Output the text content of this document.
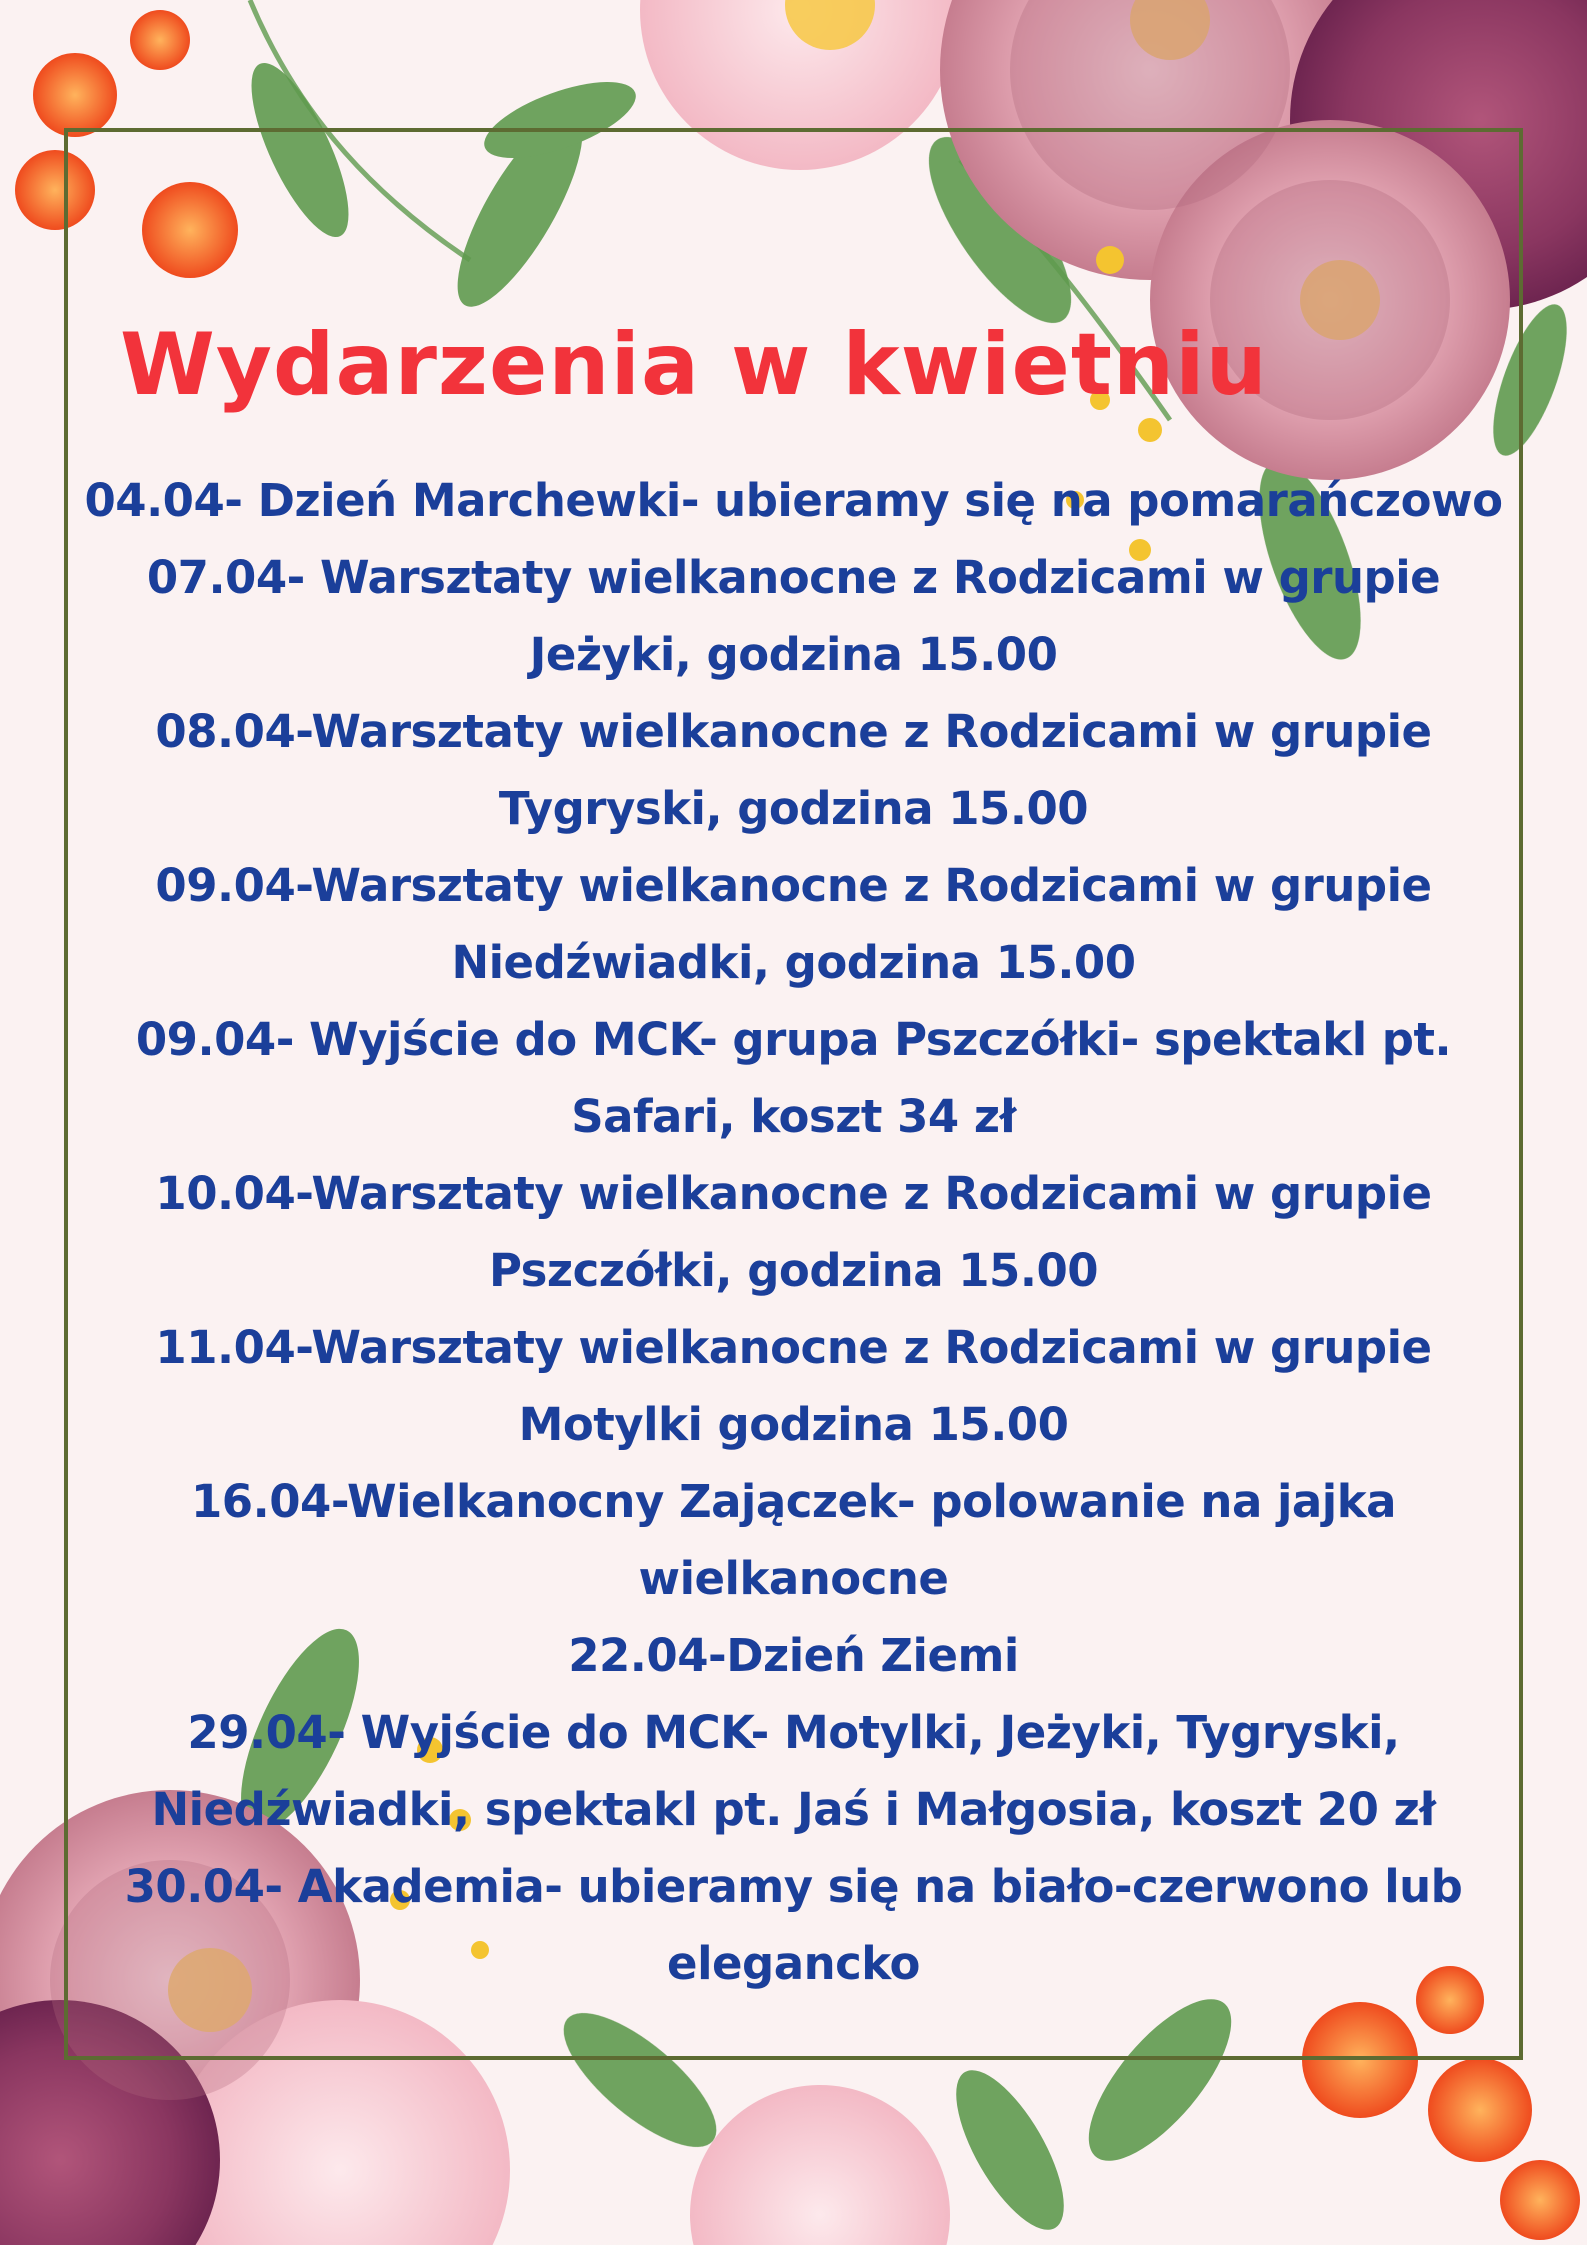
Wydarzenia w kwietniu
04.04- Dzień Marchewki- ubieramy się na pomarańczowo
07.04- Warsztaty wielkanocne z Rodzicami w grupie Jeżyki, godzina 15.00
08.04-Warsztaty wielkanocne z Rodzicami w grupie Tygryski, godzina 15.00
09.04-Warsztaty wielkanocne z Rodzicami w grupie Niedźwiadki, godzina 15.00
09.04- Wyjście do MCK- grupa Pszczółki- spektakl pt. Safari, koszt 34 zł
10.04-Warsztaty wielkanocne z Rodzicami w grupie Pszczółki, godzina 15.00
11.04-Warsztaty wielkanocne z Rodzicami w grupie Motylki godzina 15.00
16.04-Wielkanocny Zajączek- polowanie na jajka wielkanocne
22.04-Dzień Ziemi
29.04- Wyjście do MCK- Motylki, Jeżyki, Tygryski, Niedźwiadki, spektakl pt. Jaś i Małgosia, koszt 20 zł
30.04- Akademia- ubieramy się na biało-czerwono lub elegancko
